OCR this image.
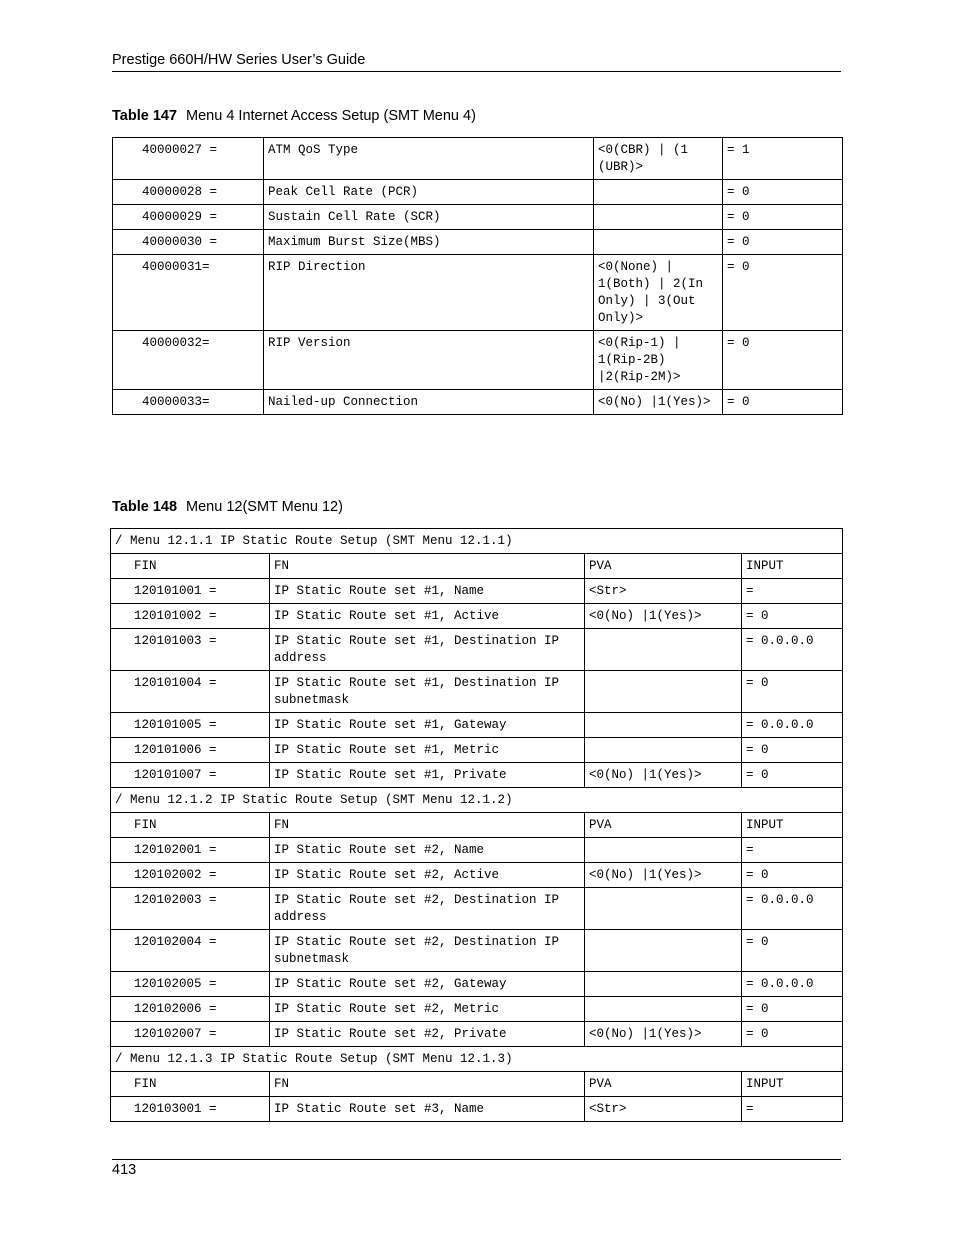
Prestige 660H/HW Series User’s Guide
Table 147 Menu 4 Internet Access Setup (SMT Menu 4)
40000027 =	ATM QoS Type	<0(CBR) | (1 (UBR)>	= 1
40000028 =	Peak Cell Rate (PCR)		= 0
40000029 =	Sustain Cell Rate (SCR)		= 0
40000030 =	Maximum Burst Size(MBS)		= 0
40000031=	RIP Direction	<0(None) | 1(Both) | 2(In Only) | 3(Out Only)>	= 0
40000032=	RIP Version	<0(Rip-1) | 1(Rip-2B) |2(Rip-2M)>	= 0
40000033=	Nailed-up Connection	<0(No) |1(Yes)>	= 0
Table 148 Menu 12(SMT Menu 12)
/ Menu 12.1.1 IP Static Route Setup (SMT Menu 12.1.1)			
FIN	FN	PVA	INPUT
120101001 =	IP Static Route set #1, Name	<Str>	=
120101002 =	IP Static Route set #1, Active	<0(No) |1(Yes)>	= 0
120101003 =	IP Static Route set #1, Destination IP address		= 0.0.0.0
120101004 =	IP Static Route set #1, Destination IP subnetmask		= 0
120101005 =	IP Static Route set #1, Gateway		= 0.0.0.0
120101006 =	IP Static Route set #1, Metric		= 0
120101007 =	IP Static Route set #1, Private	<0(No) |1(Yes)>	= 0
/ Menu 12.1.2 IP Static Route Setup (SMT Menu 12.1.2)			
FIN	FN	PVA	INPUT
120102001 =	IP Static Route set #2, Name		=
120102002 =	IP Static Route set #2, Active	<0(No) |1(Yes)>	= 0
120102003 =	IP Static Route set #2, Destination IP address		= 0.0.0.0
120102004 =	IP Static Route set #2, Destination IP subnetmask		= 0
120102005 =	IP Static Route set #2, Gateway		= 0.0.0.0
120102006 =	IP Static Route set #2, Metric		= 0
120102007 =	IP Static Route set #2, Private	<0(No) |1(Yes)>	= 0
/ Menu 12.1.3 IP Static Route Setup (SMT Menu 12.1.3)			
FIN	FN	PVA	INPUT
120103001 =	IP Static Route set #3, Name	<Str>	=
413
